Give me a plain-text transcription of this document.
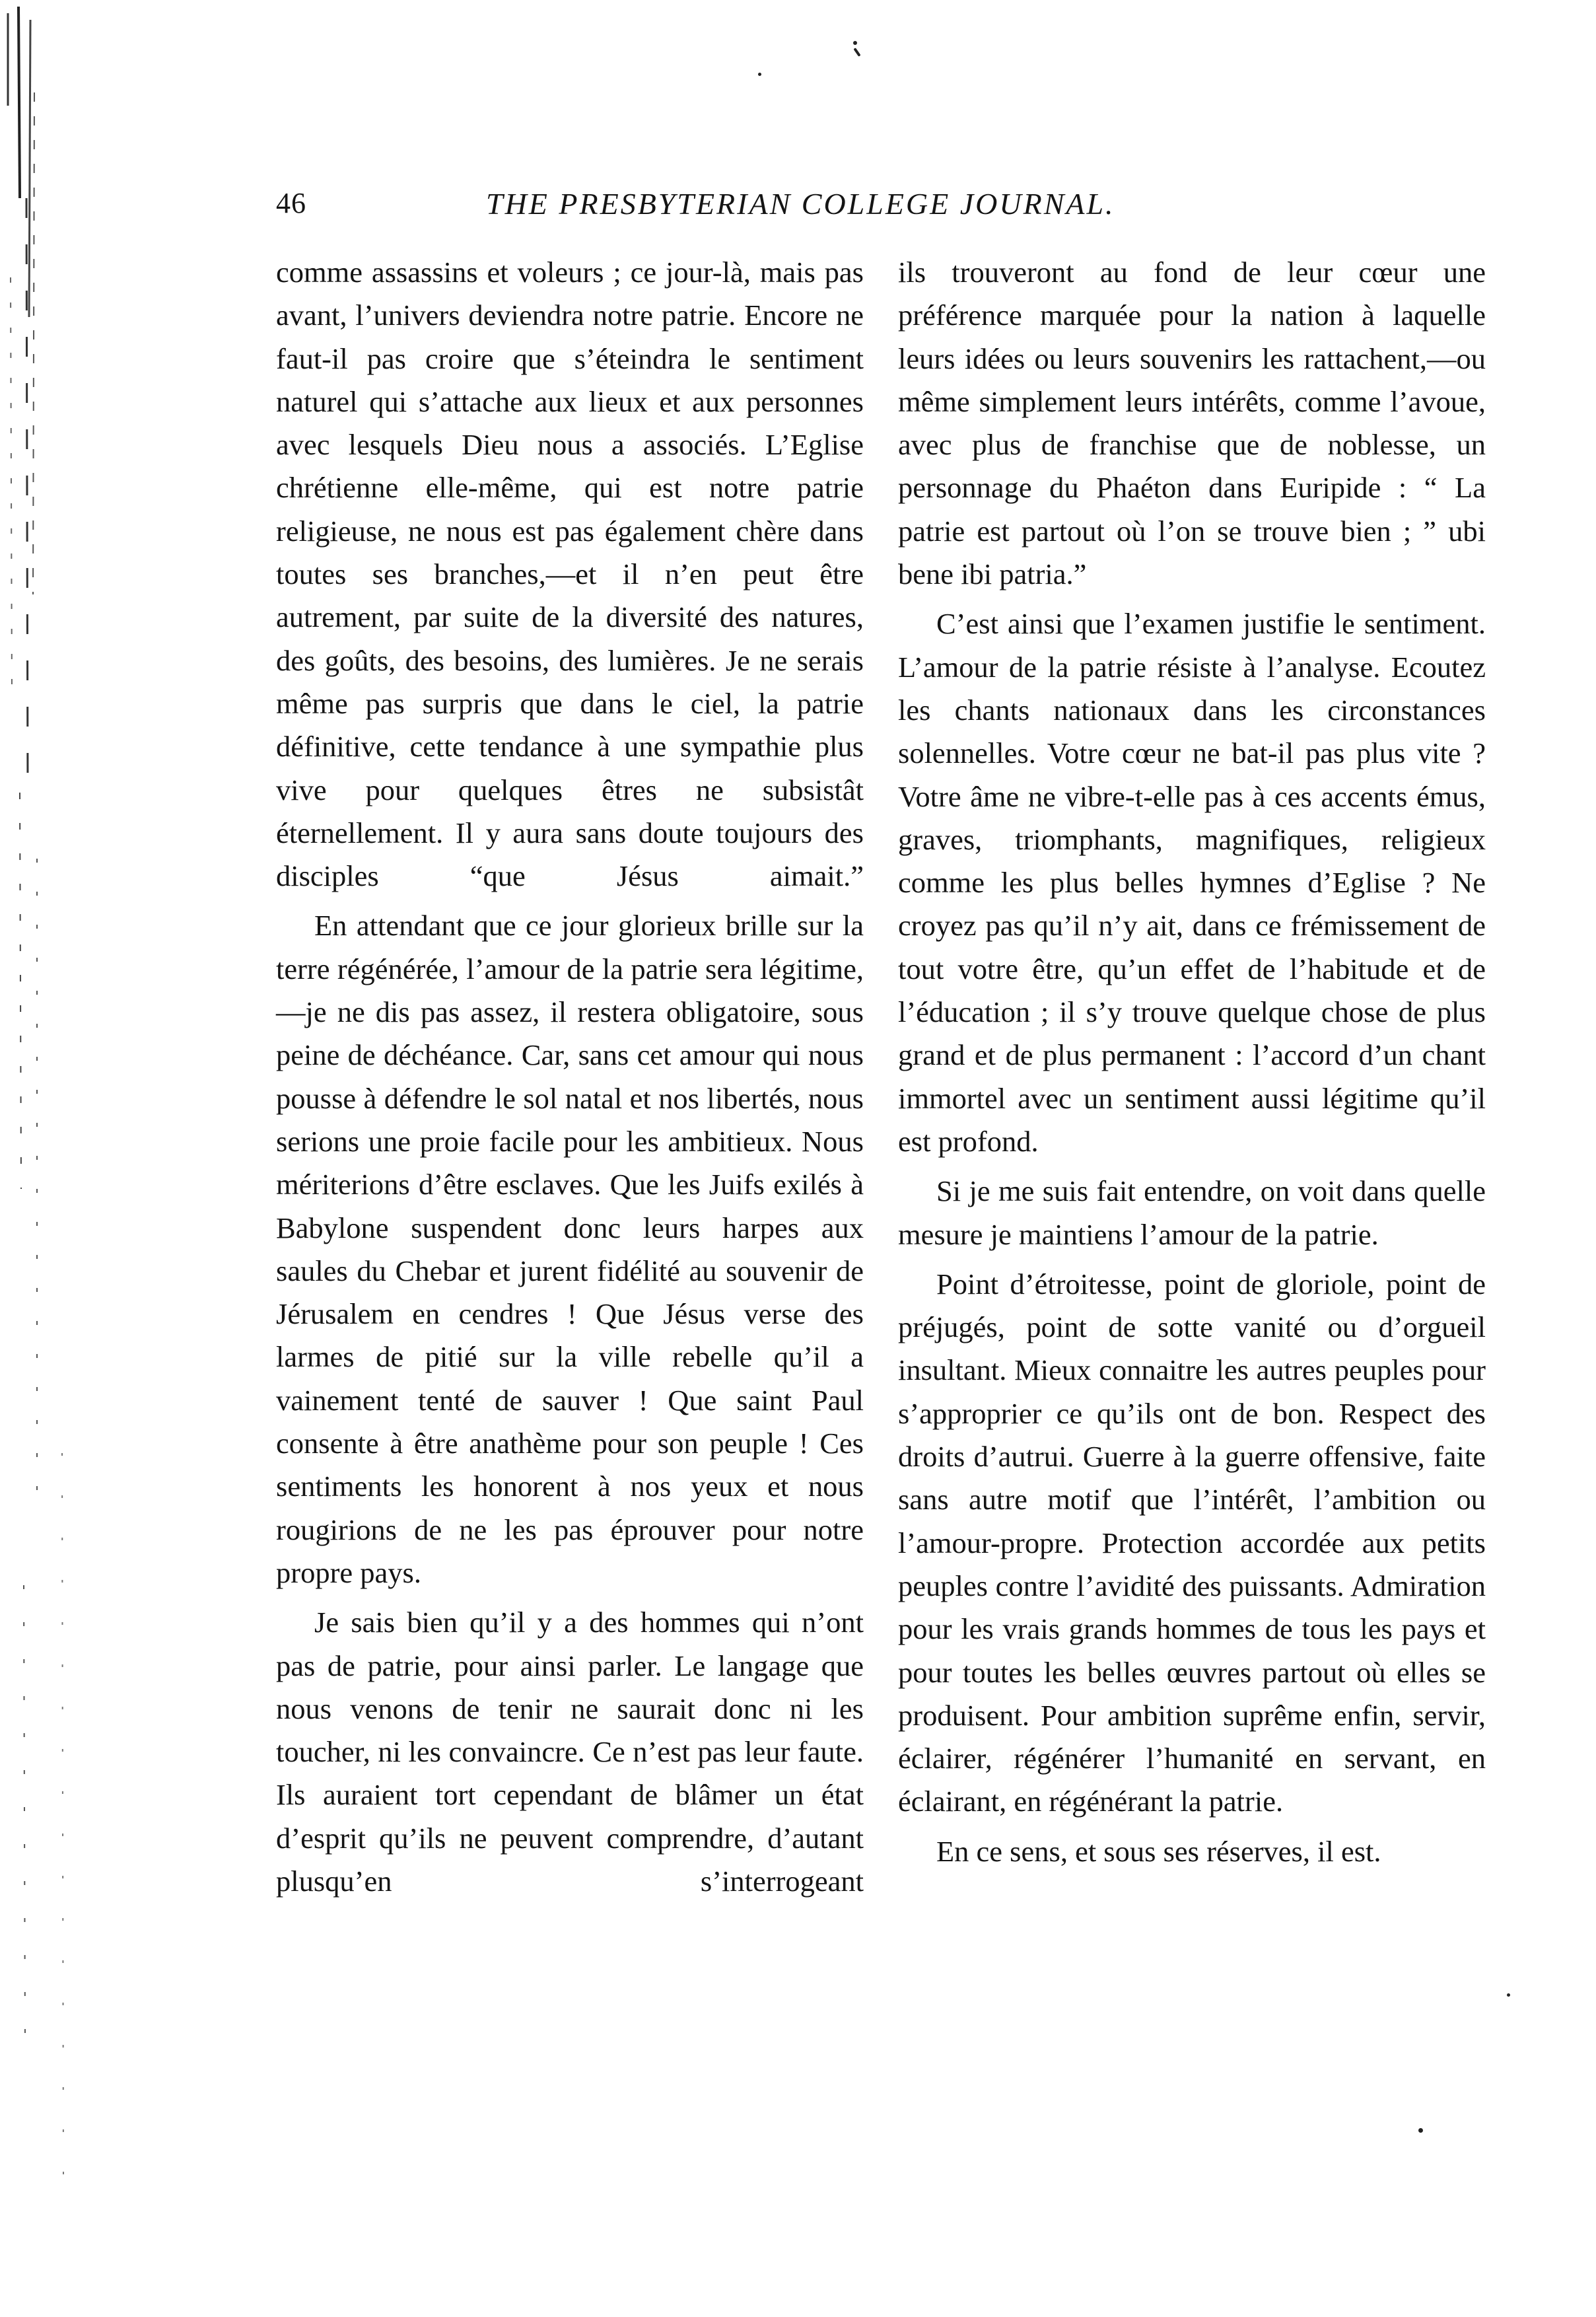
46	THE PRESBYTERIAN COLLEGE JOURNAL.

comme assassins et voleurs ; ce jour-là, mais pas avant, l’univers deviendra notre patrie. Encore ne faut-il pas croire que s’éteindra le sentiment naturel qui s’attache aux lieux et aux personnes avec lesquels Dieu nous a associés. L’Eglise chrétienne elle-même, qui est notre patrie religieuse, ne nous est pas également chère dans toutes ses branches,—et il n’en peut être autrement, par suite de la diversité des natures, des goûts, des besoins, des lumières. Je ne serais même pas surpris que dans le ciel, la patrie définitive, cette tendance à une sympathie plus vive pour quelques êtres ne subsistât éternellement. Il y aura sans doute toujours des disciples “que Jésus aimait.”

En attendant que ce jour glorieux brille sur la terre régénérée, l’amour de la patrie sera légitime,—je ne dis pas assez, il restera obligatoire, sous peine de déchéance. Car, sans cet amour qui nous pousse à défendre le sol natal et nos libertés, nous serions une proie facile pour les ambitieux. Nous mériterions d’être esclaves. Que les Juifs exilés à Babylone suspendent donc leurs harpes aux saules du Chebar et jurent fidélité au souvenir de Jérusalem en cendres ! Que Jésus verse des larmes de pitié sur la ville rebelle qu’il a vainement tenté de sauver ! Que saint Paul consente à être anathème pour son peuple ! Ces sentiments les honorent à nos yeux et nous rougirions de ne les pas éprouver pour notre propre pays.

Je sais bien qu’il y a des hommes qui n’ont pas de patrie, pour ainsi parler. Le langage que nous venons de tenir ne saurait donc ni les toucher, ni les convaincre. Ce n’est pas leur faute. Ils auraient tort cependant de blâmer un état d’esprit qu’ils ne peuvent comprendre, d’autant plusqu’en s’interrogeant

ils trouveront au fond de leur cœur une préférence marquée pour la nation à laquelle leurs idées ou leurs souvenirs les rattachent,—ou même simplement leurs intérêts, comme l’avoue, avec plus de franchise que de noblesse, un personnage du Phaéton dans Euripide : “ La patrie est partout où l’on se trouve bien ; ” ubi bene ibi patria.”

C’est ainsi que l’examen justifie le sentiment. L’amour de la patrie résiste à l’analyse. Ecoutez les chants nationaux dans les circonstances solennelles. Votre cœur ne bat-il pas plus vite ? Votre âme ne vibre-t-elle pas à ces accents émus, graves, triomphants, magnifiques, religieux comme les plus belles hymnes d’Eglise ? Ne croyez pas qu’il n’y ait, dans ce frémissement de tout votre être, qu’un effet de l’habitude et de l’éducation ; il s’y trouve quelque chose de plus grand et de plus permanent : l’accord d’un chant immortel avec un sentiment aussi légitime qu’il est profond.

Si je me suis fait entendre, on voit dans quelle mesure je maintiens l’amour de la patrie.

Point d’étroitesse, point de gloriole, point de préjugés, point de sotte vanité ou d’orgueil insultant. Mieux connaitre les autres peuples pour s’approprier ce qu’ils ont de bon. Respect des droits d’autrui. Guerre à la guerre offensive, faite sans autre motif que l’intérêt, l’ambition ou l’amour-propre. Protection accordée aux petits peuples contre l’avidité des puissants. Admiration pour les vrais grands hommes de tous les pays et pour toutes les belles œuvres partout où elles se produisent. Pour ambition suprême enfin, servir, éclairer, régénérer l’humanité en servant, en éclairant, en régénérant la patrie.

En ce sens, et sous ses réserves, il est.
